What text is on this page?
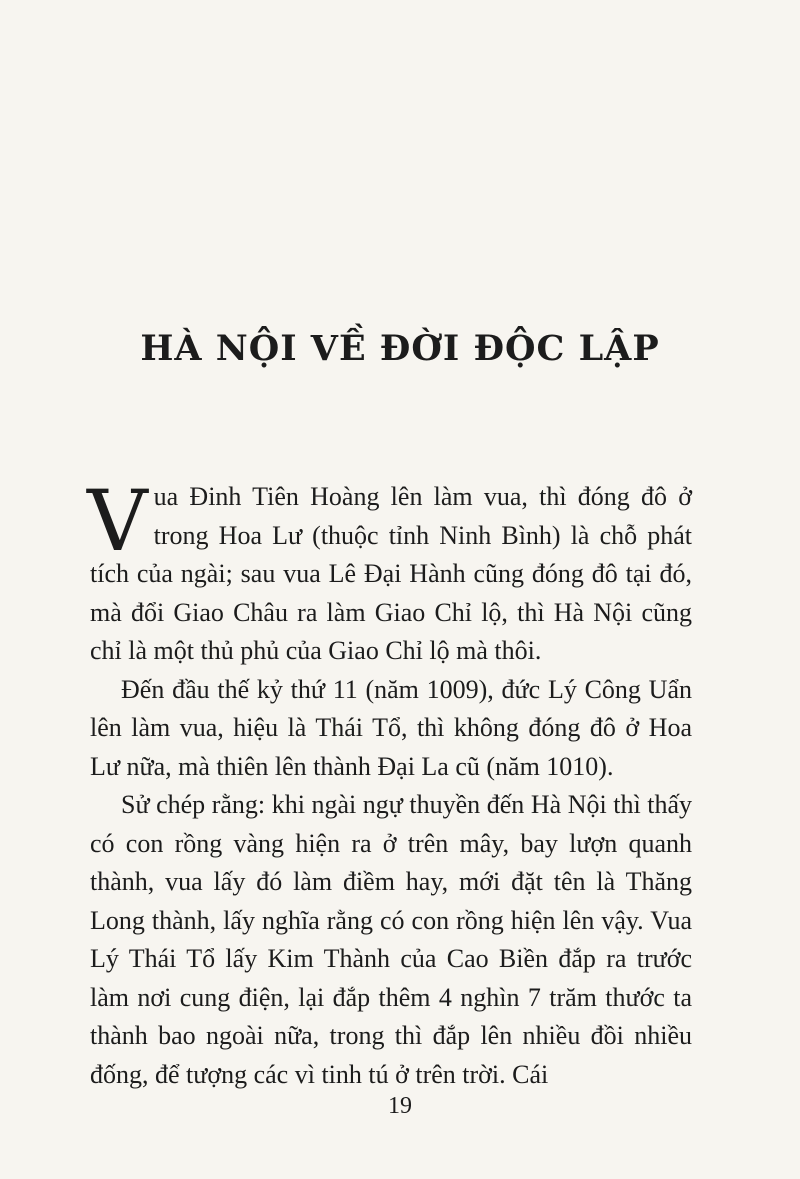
HÀ NỘI VỀ ĐỜI ĐỘC LẬP

Vua Đinh Tiên Hoàng lên làm vua, thì đóng đô ở trong Hoa Lư (thuộc tỉnh Ninh Bình) là chỗ phát tích của ngài; sau vua Lê Đại Hành cũng đóng đô tại đó, mà đổi Giao Châu ra làm Giao Chỉ lộ, thì Hà Nội cũng chỉ là một thủ phủ của Giao Chỉ lộ mà thôi.

Đến đầu thế kỷ thứ 11 (năm 1009), đức Lý Công Uẩn lên làm vua, hiệu là Thái Tổ, thì không đóng đô ở Hoa Lư nữa, mà thiên lên thành Đại La cũ (năm 1010).

Sử chép rằng: khi ngài ngự thuyền đến Hà Nội thì thấy có con rồng vàng hiện ra ở trên mây, bay lượn quanh thành, vua lấy đó làm điềm hay, mới đặt tên là Thăng Long thành, lấy nghĩa rằng có con rồng hiện lên vậy. Vua Lý Thái Tổ lấy Kim Thành của Cao Biền đắp ra trước làm nơi cung điện, lại đắp thêm 4 nghìn 7 trăm thước ta thành bao ngoài nữa, trong thì đắp lên nhiều đồi nhiều đống, để tượng các vì tinh tú ở trên trời. Cái

19
